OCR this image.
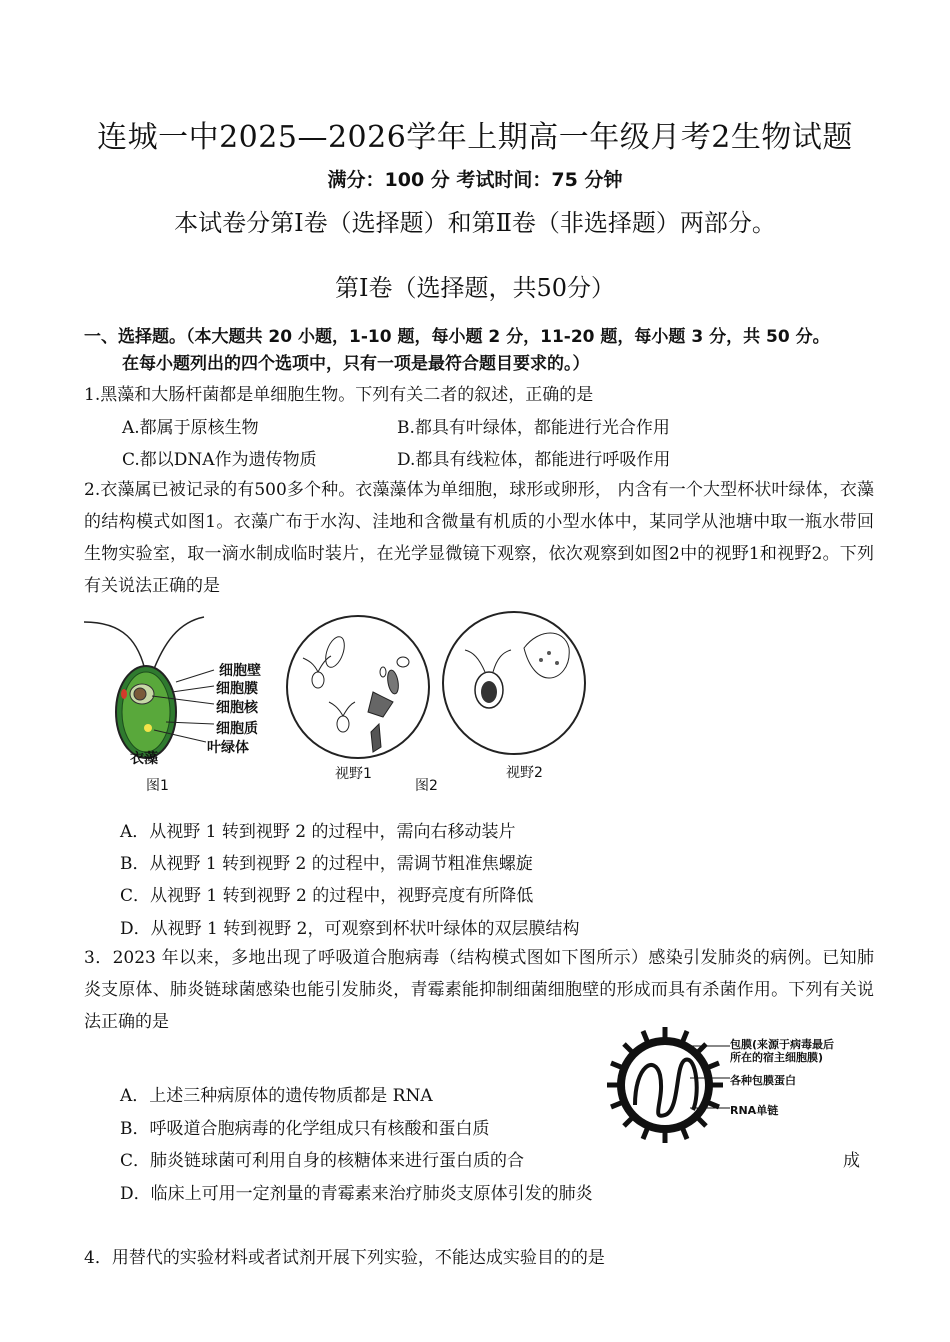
连城一中2025—2026学年上期高一年级月考2生物试题
满分：100 分 考试时间：75 分钟
本试卷分第Ⅰ卷（选择题）和第Ⅱ卷（非选择题）两部分。
第Ⅰ卷（选择题，共50分）
一、选择题。（本大题共 20 小题，1-10 题，每小题 2 分，11-20 题，每小题 3 分，共 50 分。
在每小题列出的四个选项中，只有一项是最符合题目要求的。）
1.黑藻和大肠杆菌都是单细胞生物。下列有关二者的叙述，正确的是
A.都属于原核生物	B.都具有叶绿体，都能进行光合作用
C.都以DNA作为遗传物质	D.都具有线粒体，都能进行呼吸作用
2.衣藻属已被记录的有500多个种。衣藻藻体为单细胞，球形或卵形， 内含有一个大型杯状叶绿体，衣藻的结构模式如图1。衣藻广布于水沟、洼地和含微量有机质的小型水体中，某同学从池塘中取一瓶水带回生物实验室，取一滴水制成临时装片，在光学显微镜下观察，依次观察到如图2中的视野1和视野2。下列有关说法正确的是
细胞壁
细胞膜
细胞核
细胞质
叶绿体
衣藻
图1
视野1
图2
视野2
A．从视野 1 转到视野 2 的过程中，需向右移动装片
B．从视野 1 转到视野 2 的过程中，需调节粗准焦螺旋
C．从视野 1 转到视野 2 的过程中，视野亮度有所降低
D．从视野 1 转到视野 2，可观察到杯状叶绿体的双层膜结构
3．2023 年以来，多地出现了呼吸道合胞病毒（结构模式图如下图所示）感染引发肺炎的病例。已知肺炎支原体、肺炎链球菌感染也能引发肺炎，青霉素能抑制细菌细胞壁的形成而具有杀菌作用。下列有关说法正确的是
包膜(来源于病毒最后
所在的宿主细胞膜)
各种包膜蛋白
RNA单链
A．上述三种病原体的遗传物质都是 RNA
B．呼吸道合胞病毒的化学组成只有核酸和蛋白质
C．肺炎链球菌可利用自身的核糖体来进行蛋白质的合	成
D．临床上可用一定剂量的青霉素来治疗肺炎支原体引发的肺炎
4．用替代的实验材料或者试剂开展下列实验，不能达成实验目的的是
